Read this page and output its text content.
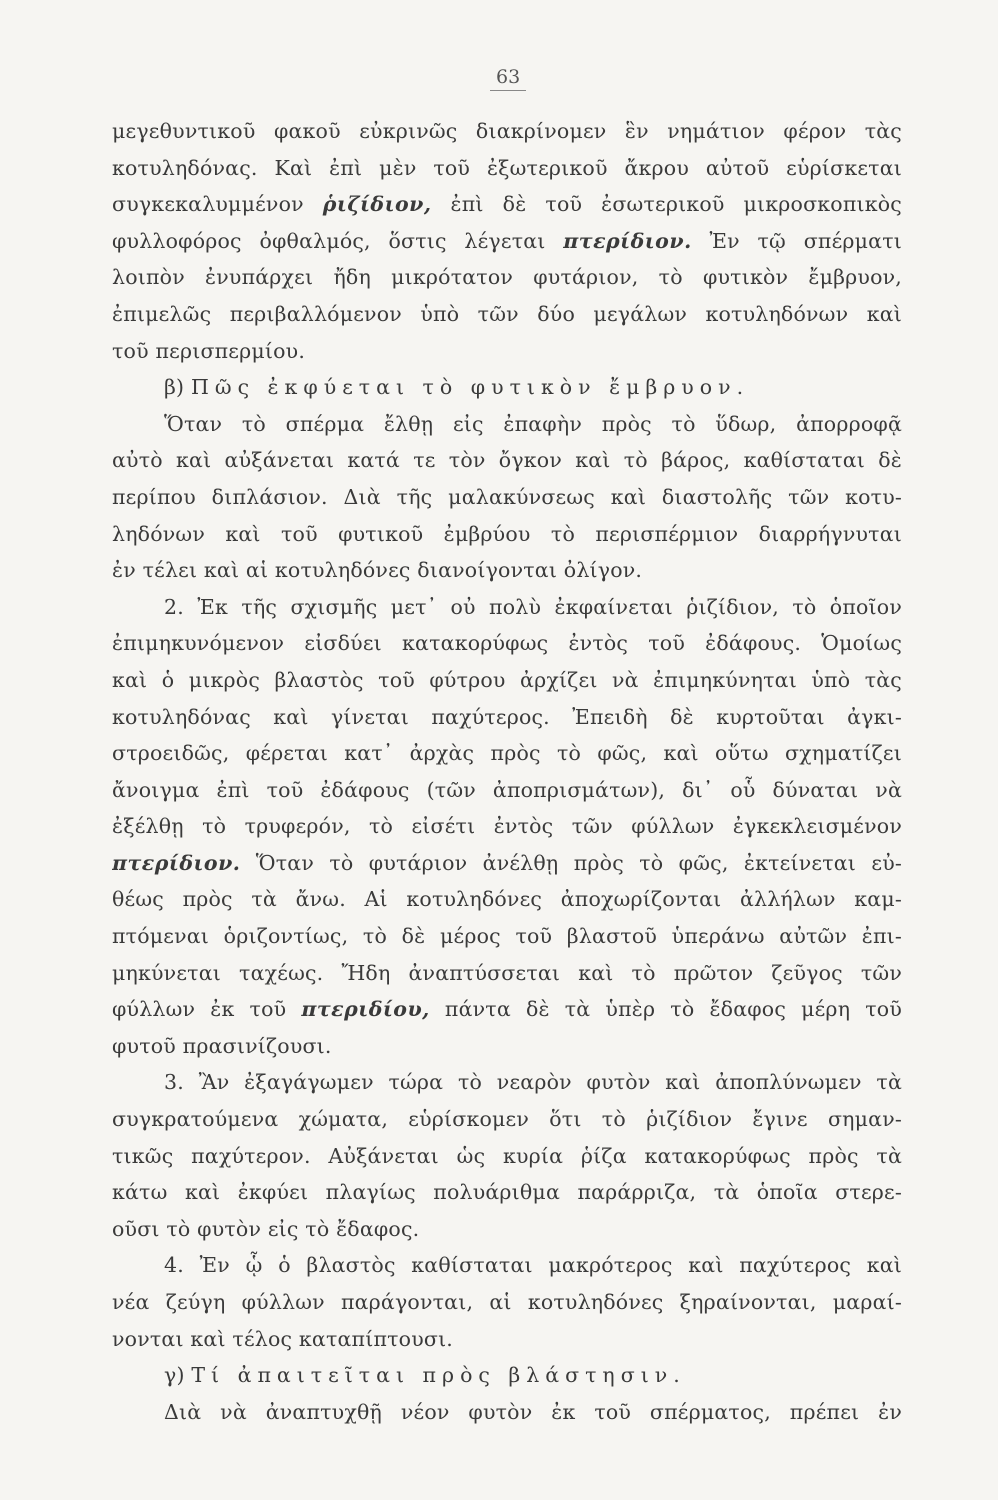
63
μεγεθυντικοῦ φακοῦ εὐκρινῶς διακρίνομεν ἓν νημάτιον φέρον τὰς
κοτυληδόνας. Καὶ ἐπὶ μὲν τοῦ ἐξωτερικοῦ ἄκρου αὐτοῦ εὑρίσκεται
συγκεκαλυμμένον ῥιζίδιον, ἐπὶ δὲ τοῦ ἐσωτερικοῦ μικροσκοπικὸς
φυλλοφόρος ὀφθαλμός, ὅστις λέγεται πτερίδιον. Ἐν τῷ σπέρματι
λοιπὸν ἐνυπάρχει ἤδη μικρότατον φυτάριον, τὸ φυτικὸν ἔμβρυον,
ἐπιμελῶς περιβαλλόμενον ὑπὸ τῶν δύο μεγάλων κοτυληδόνων καὶ
τοῦ περισπερμίου.
β) Πῶς ἐκφύεται τὸ φυτικὸν ἔμβρυον.
Ὅταν τὸ σπέρμα ἔλθῃ εἰς ἐπαφὴν πρὸς τὸ ὕδωρ, ἀπορροφᾷ
αὐτὸ καὶ αὐξάνεται κατά τε τὸν ὄγκον καὶ τὸ βάρος, καθίσταται δὲ
περίπου διπλάσιον. Διὰ τῆς μαλακύνσεως καὶ διαστολῆς τῶν κοτυ-
ληδόνων καὶ τοῦ φυτικοῦ ἐμβρύου τὸ περισπέρμιον διαρρήγνυται
ἐν τέλει καὶ αἱ κοτυληδόνες διανοίγονται ὀλίγον.
2. Ἐκ τῆς σχισμῆς μετ᾽ οὐ πολὺ ἐκφαίνεται ῥιζίδιον, τὸ ὁποῖον
ἐπιμηκυνόμενον εἰσδύει κατακορύφως ἐντὸς τοῦ ἐδάφους. Ὁμοίως
καὶ ὁ μικρὸς βλαστὸς τοῦ φύτρου ἀρχίζει νὰ ἐπιμηκύνηται ὑπὸ τὰς
κοτυληδόνας καὶ γίνεται παχύτερος. Ἐπειδὴ δὲ κυρτοῦται ἀγκι-
στροειδῶς, φέρεται κατ᾽ ἀρχὰς πρὸς τὸ φῶς, καὶ οὕτω σχηματίζει
ἄνοιγμα ἐπὶ τοῦ ἐδάφους (τῶν ἀποπρισμάτων), δι᾽ οὗ δύναται νὰ
ἐξέλθῃ τὸ τρυφερόν, τὸ εἰσέτι ἐντὸς τῶν φύλλων ἐγκεκλεισμένον
πτερίδιον. Ὅταν τὸ φυτάριον ἀνέλθῃ πρὸς τὸ φῶς, ἐκτείνεται εὐ-
θέως πρὸς τὰ ἄνω. Αἱ κοτυληδόνες ἀποχωρίζονται ἀλλήλων καμ-
πτόμεναι ὁριζοντίως, τὸ δὲ μέρος τοῦ βλαστοῦ ὑπεράνω αὐτῶν ἐπι-
μηκύνεται ταχέως. Ἤδη ἀναπτύσσεται καὶ τὸ πρῶτον ζεῦγος τῶν
φύλλων ἐκ τοῦ πτεριδίου, πάντα δὲ τὰ ὑπὲρ τὸ ἔδαφος μέρη τοῦ
φυτοῦ πρασινίζουσι.
3. Ἂν ἐξαγάγωμεν τώρα τὸ νεαρὸν φυτὸν καὶ ἀποπλύνωμεν τὰ
συγκρατούμενα χώματα, εὑρίσκομεν ὅτι τὸ ῥιζίδιον ἔγινε σημαν-
τικῶς παχύτερον. Αὐξάνεται ὡς κυρία ῥίζα κατακορύφως πρὸς τὰ
κάτω καὶ ἐκφύει πλαγίως πολυάριθμα παράρριζα, τὰ ὁποῖα στερε-
οῦσι τὸ φυτὸν εἰς τὸ ἔδαφος.
4. Ἐν ᾧ ὁ βλαστὸς καθίσταται μακρότερος καὶ παχύτερος καὶ
νέα ζεύγη φύλλων παράγονται, αἱ κοτυληδόνες ξηραίνονται, μαραί-
νονται καὶ τέλος καταπίπτουσι.
γ) Τί ἀπαιτεῖται πρὸς βλάστησιν.
Διὰ νὰ ἀναπτυχθῇ νέον φυτὸν ἐκ τοῦ σπέρματος, πρέπει ἐν
